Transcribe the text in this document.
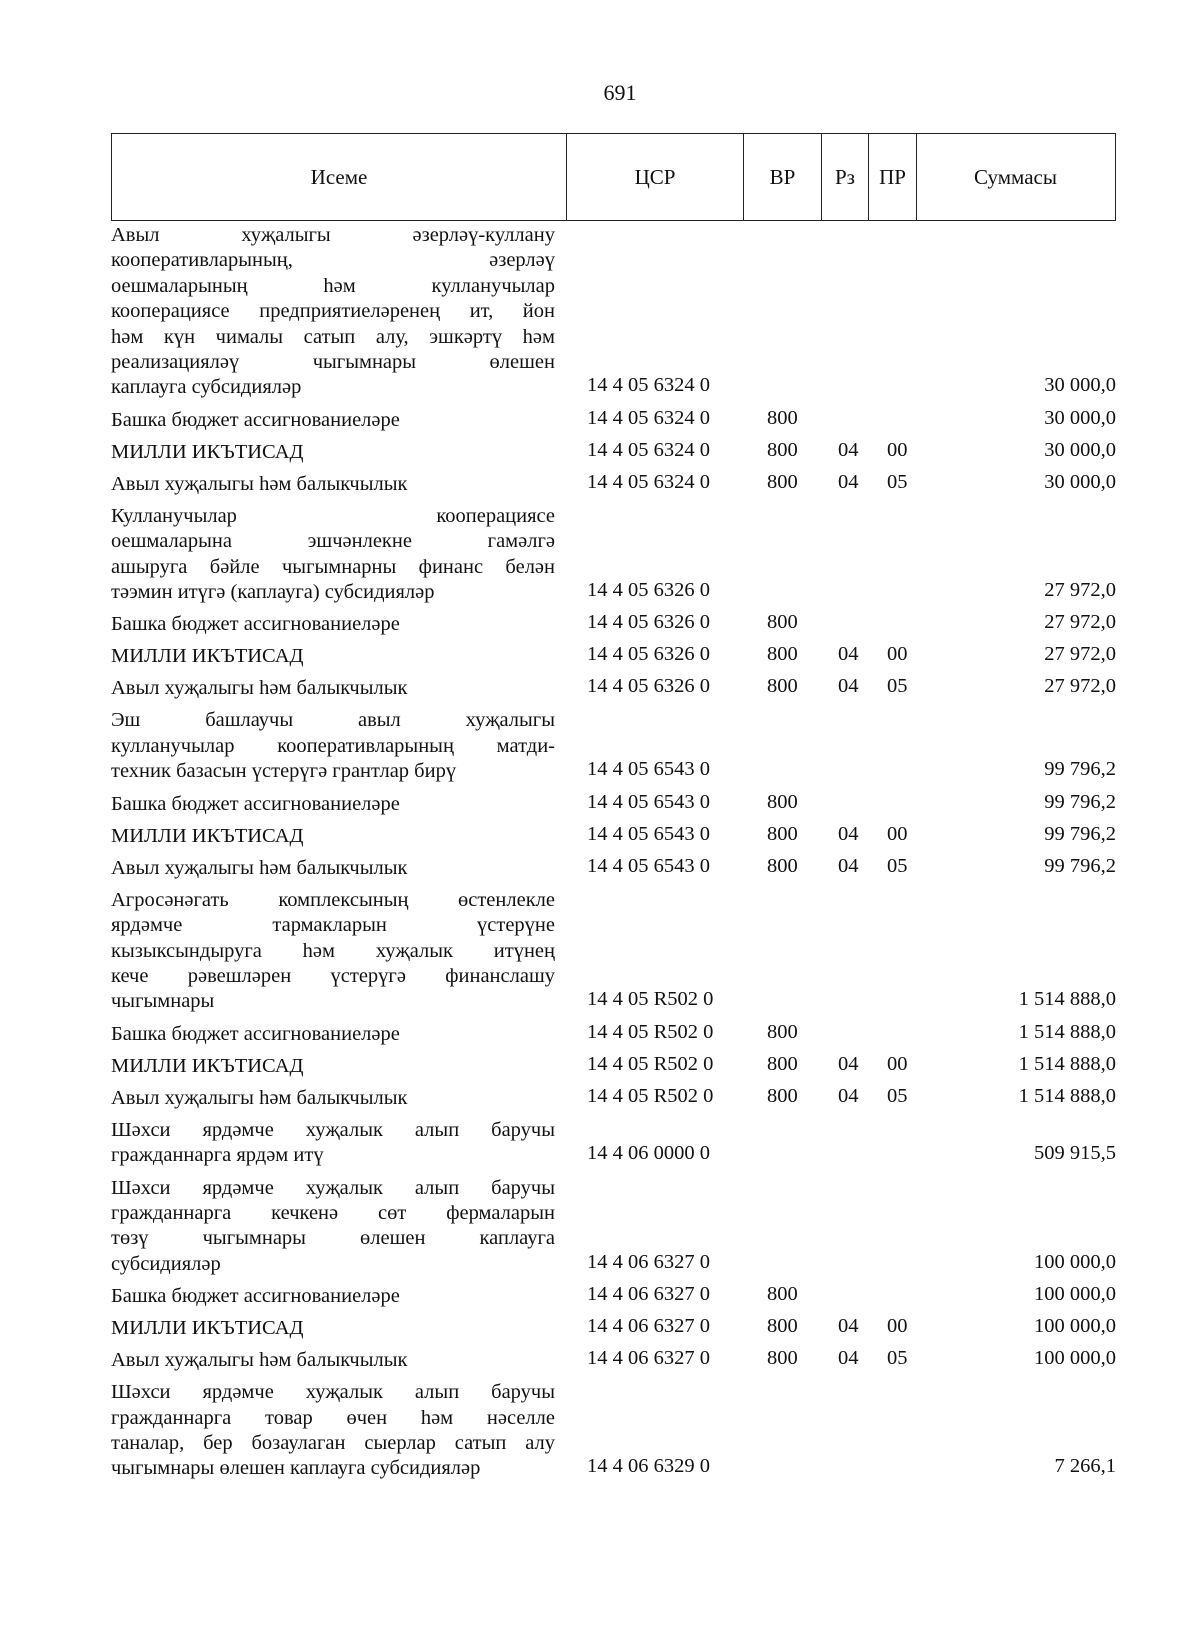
691
Исеме	ЦСР	ВР	Рз	ПР	Суммасы
Авыл хуҗалыгы әзерләү-куллану
кооперативларының, әзерләү
оешмаларының һәм кулланучылар
кооперациясе предприятиеләренең ит, йон
һәм күн чималы сатып алу, эшкәртү һәм
реализацияләү чыгымнары өлешен
каплауга субсидияләр	14 4 05 6324 0	30 000,0
Башка бюджет ассигнованиеләре	14 4 05 6324 0	800	30 000,0
МИЛЛИ ИКЪТИСАД	14 4 05 6324 0	800 04 00	30 000,0
Авыл хуҗалыгы һәм балыкчылык	14 4 05 6324 0	800 04 05	30 000,0
Кулланучылар кооперациясе
оешмаларына эшчәнлекне гамәлгә
ашыруга бәйле чыгымнарны финанс белән
тәэмин итүгә (каплауга) субсидияләр	14 4 05 6326 0	27 972,0
Башка бюджет ассигнованиеләре	14 4 05 6326 0	800	27 972,0
МИЛЛИ ИКЪТИСАД	14 4 05 6326 0	800 04 00	27 972,0
Авыл хуҗалыгы һәм балыкчылык	14 4 05 6326 0	800 04 05	27 972,0
Эш башлаучы авыл хуҗалыгы
кулланучылар кооперативларының матди-
техник базасын үстерүгә грантлар бирү	14 4 05 6543 0	99 796,2
Башка бюджет ассигнованиеләре	14 4 05 6543 0	800	99 796,2
МИЛЛИ ИКЪТИСАД	14 4 05 6543 0	800 04 00	99 796,2
Авыл хуҗалыгы һәм балыкчылык	14 4 05 6543 0	800 04 05	99 796,2
Агросәнәгать комплексының өстенлекле
ярдәмче тармакларын үстерүне
кызыксындыруга һәм хуҗалык итүнең
кече рәвешләрен үстерүгә финанслашу
чыгымнары	14 4 05 R502 0	1 514 888,0
Башка бюджет ассигнованиеләре	14 4 05 R502 0	800	1 514 888,0
МИЛЛИ ИКЪТИСАД	14 4 05 R502 0	800 04 00	1 514 888,0
Авыл хуҗалыгы һәм балыкчылык	14 4 05 R502 0	800 04 05	1 514 888,0
Шәхси ярдәмче хуҗалык алып баручы
гражданнарга ярдәм итү	14 4 06 0000 0	509 915,5
Шәхси ярдәмче хуҗалык алып баручы
гражданнарга кечкенә сөт фермаларын
төзү чыгымнары өлешен каплауга
субсидияләр	14 4 06 6327 0	100 000,0
Башка бюджет ассигнованиеләре	14 4 06 6327 0	800	100 000,0
МИЛЛИ ИКЪТИСАД	14 4 06 6327 0	800 04 00	100 000,0
Авыл хуҗалыгы һәм балыкчылык	14 4 06 6327 0	800 04 05	100 000,0
Шәхси ярдәмче хуҗалык алып баручы
гражданнарга товар өчен һәм нәселле
таналар, бер бозаулаган сыерлар сатып алу
чыгымнары өлешен каплауга субсидияләр	14 4 06 6329 0	7 266,1
